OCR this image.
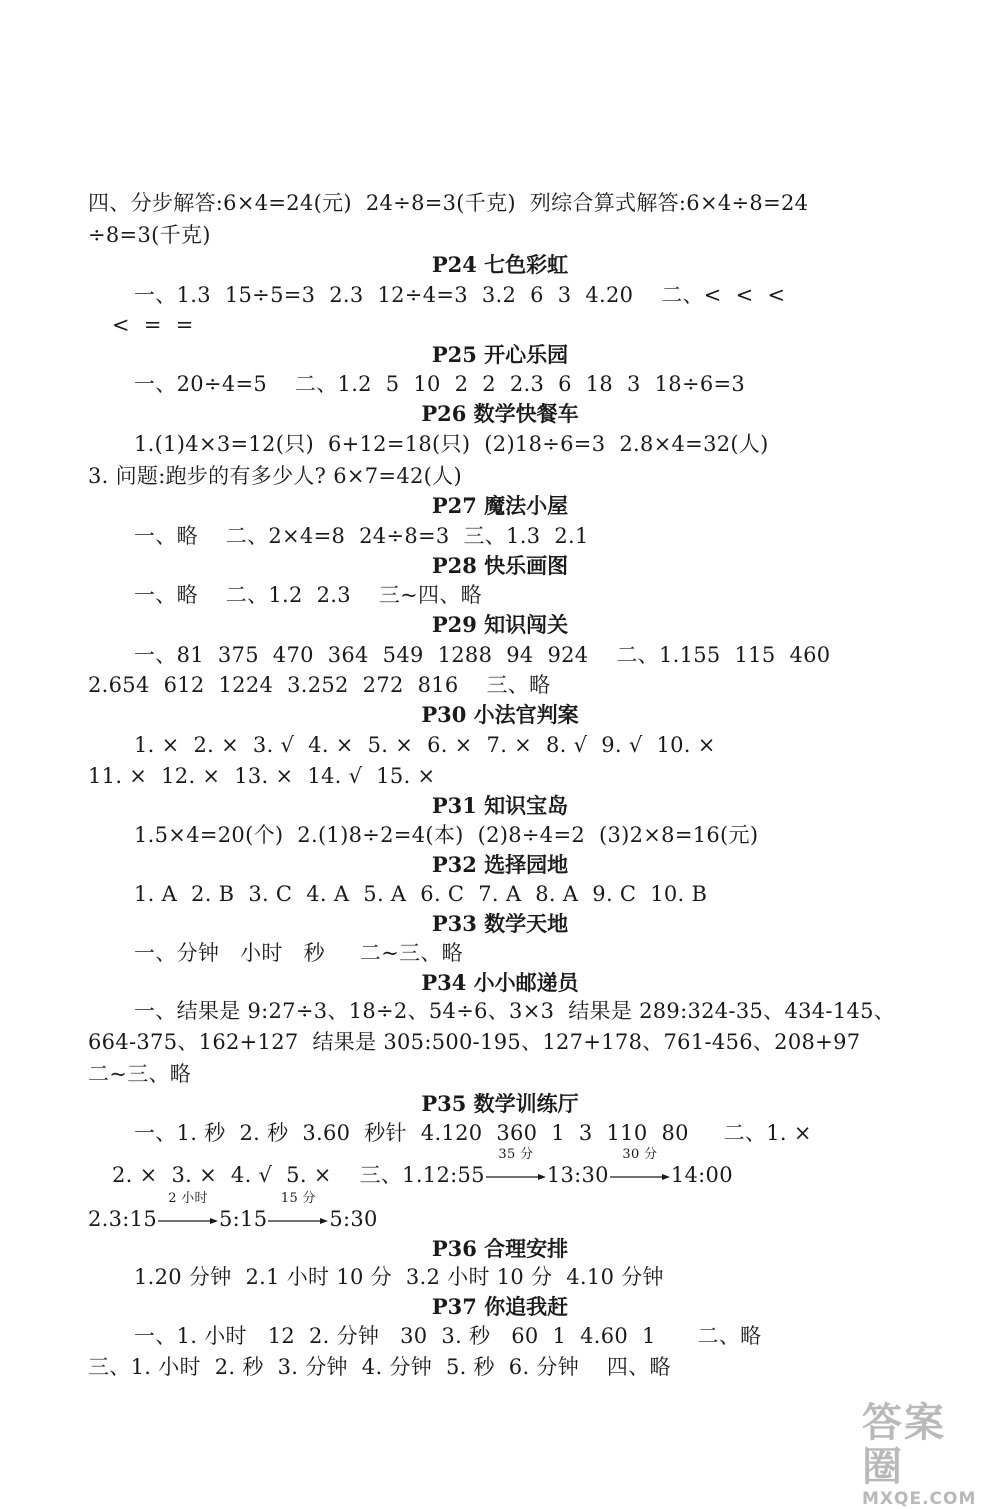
四、分步解答:6×4=24(元)  24÷8=3(千克)  列综合算式解答:6×4÷8=24
÷8=3(千克)
P24 七色彩虹
一、1.3  15÷5=3  2.3  12÷4=3  3.2  6  3  4.20    二、<  <  <
<  =  =
P25 开心乐园
一、20÷4=5    二、1.2  5  10  2  2  2.3  6  18  3  18÷6=3
P26 数学快餐车
1.(1)4×3=12(只)  6+12=18(只)  (2)18÷6=3  2.8×4=32(人)
3. 问题:跑步的有多少人? 6×7=42(人)
P27 魔法小屋
一、略    二、2×4=8  24÷8=3  三、1.3  2.1
P28 快乐画图
一、略    二、1.2  2.3    三~四、略
P29 知识闯关
一、81  375  470  364  549  1288  94  924    二、1.155  115  460
2.654  612  1224  3.252  272  816    三、略
P30 小法官判案
1. ×  2. ×  3. √  4. ×  5. ×  6. ×  7. ×  8. √  9. √  10. ×
11. ×  12. ×  13. ×  14. √  15. ×
P31 知识宝岛
1.5×4=20(个)  2.(1)8÷2=4(本)  (2)8÷4=2  (3)2×8=16(元)
P32 选择园地
1. A  2. B  3. C  4. A  5. A  6. C  7. A  8. A  9. C  10. B
P33 数学天地
一、分钟   小时   秒     二~三、略
P34 小小邮递员
一、结果是 9:27÷3、18÷2、54÷6、3×3  结果是 289:324-35、434-145、
664-375、162+127  结果是 305:500-195、127+178、761-456、208+97
二~三、略
P35 数学训练厅
一、1. 秒  2. 秒  3.60  秒针  4.120  360  1  3  110  80     二、1. ×
2. ×  3. ×  4. √  5. ×    三、1.12:55
35 分
13:30
30 分
14:00
2.3:15
2 小时
5:15
15 分
5:30
P36 合理安排
1.20 分钟  2.1 小时 10 分  3.2 小时 10 分  4.10 分钟
P37 你追我赶
一、1. 小时   12  2. 分钟   30  3. 秒   60  1  4.60  1      二、略
三、1. 小时  2. 秒  3. 分钟  4. 分钟  5. 秒  6. 分钟    四、略
答案圈
MXQE.COM
